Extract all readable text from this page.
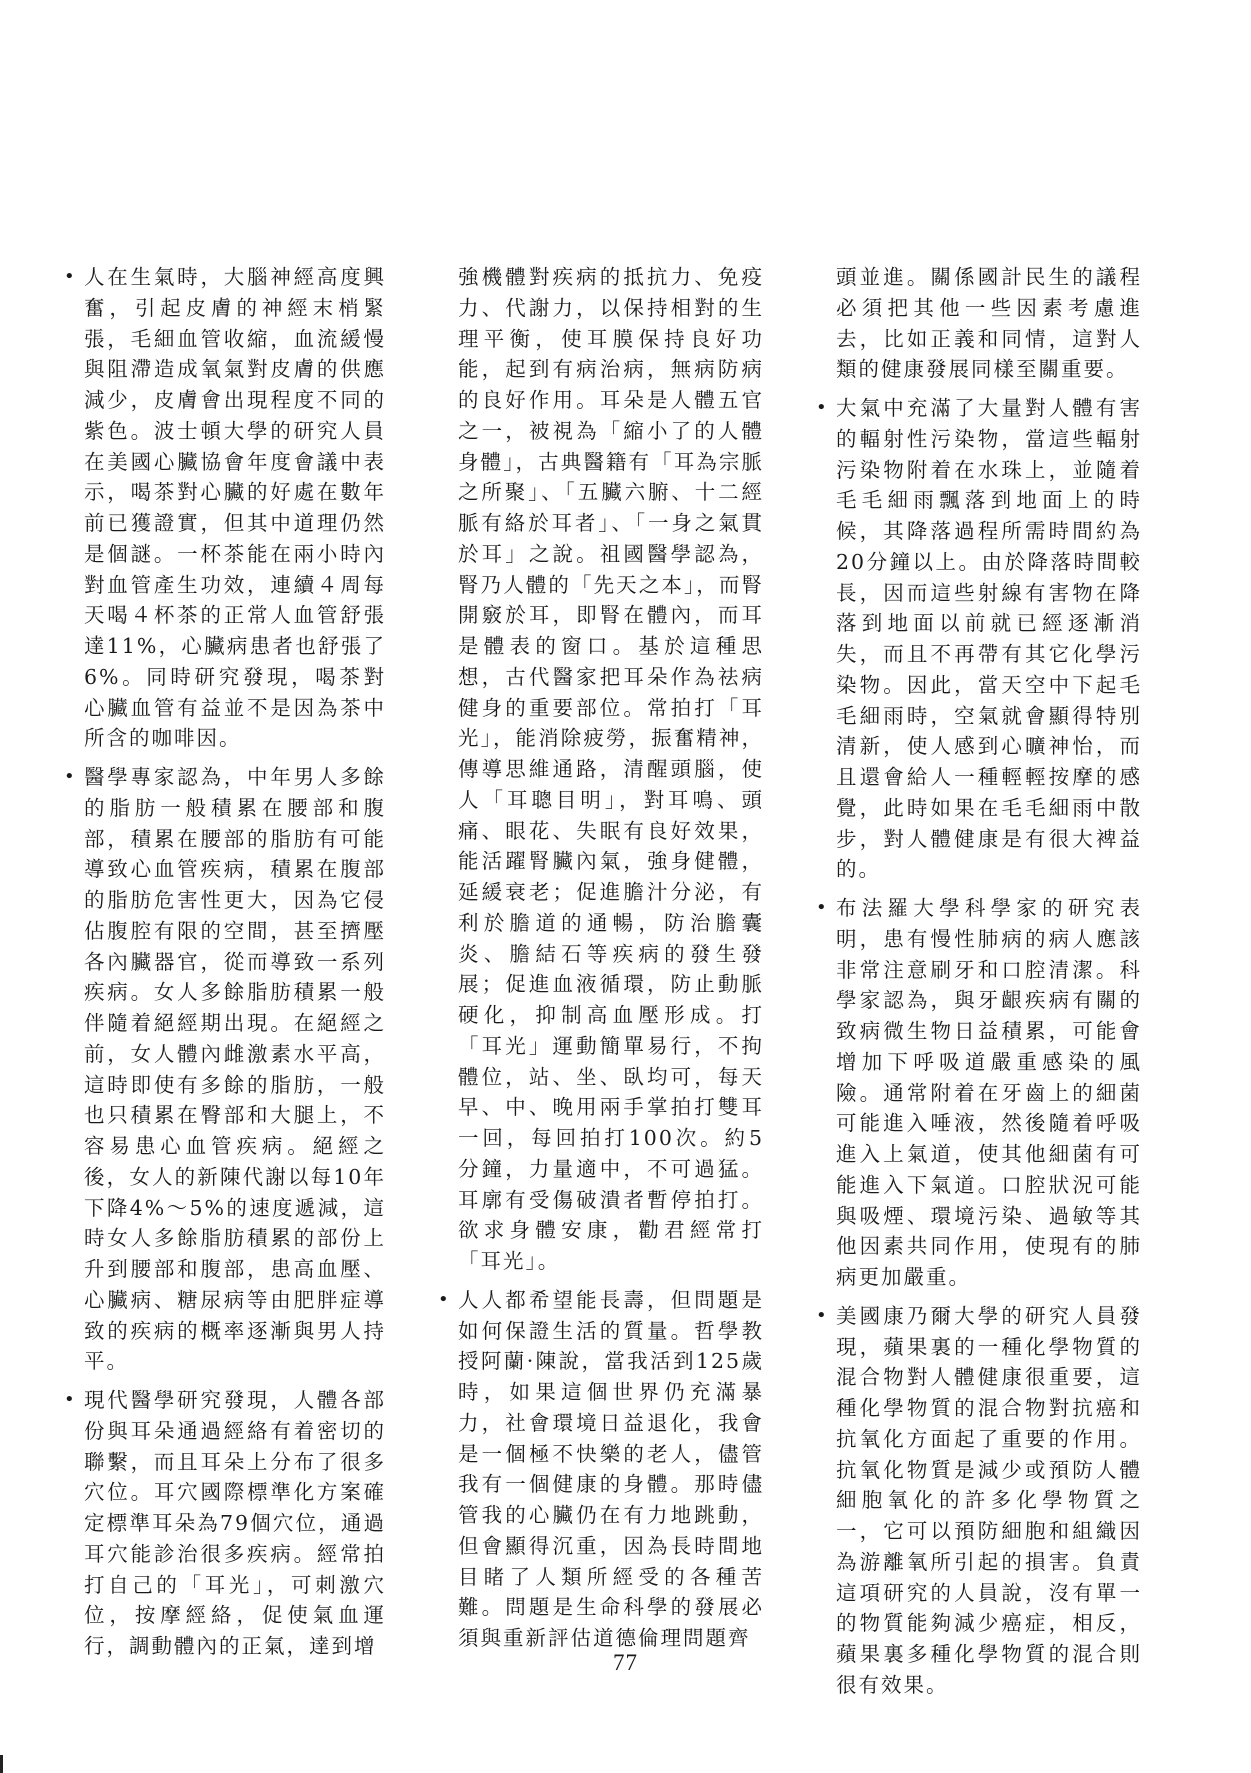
• 人在生氣時，大腦神經高度興奮，引起皮膚的神經末梢緊張，毛細血管收縮，血流緩慢與阻滯造成氧氣對皮膚的供應減少，皮膚會出現程度不同的紫色。波士頓大學的研究人員在美國心臟協會年度會議中表示，喝茶對心臟的好處在數年前已獲證實，但其中道理仍然是個謎。一杯茶能在兩小時內對血管產生功效，連續４周每天喝４杯茶的正常人血管舒張達11%，心臟病患者也舒張了6%。同時研究發現，喝茶對心臟血管有益並不是因為茶中所含的咖啡因。
• 醫學專家認為，中年男人多餘的脂肪一般積累在腰部和腹部，積累在腰部的脂肪有可能導致心血管疾病，積累在腹部的脂肪危害性更大，因為它侵佔腹腔有限的空間，甚至擠壓各內臟器官，從而導致一系列疾病。女人多餘脂肪積累一般伴隨着絕經期出現。在絕經之前，女人體內雌激素水平高，這時即使有多餘的脂肪，一般也只積累在臀部和大腿上，不容易患心血管疾病。絕經之後，女人的新陳代謝以每10年下降4%～5%的速度遞減，這時女人多餘脂肪積累的部份上升到腰部和腹部，患高血壓、心臟病、糖尿病等由肥胖症導致的疾病的概率逐漸與男人持平。
• 現代醫學研究發現，人體各部份與耳朵通過經絡有着密切的聯繫，而且耳朵上分布了很多穴位。耳穴國際標準化方案確定標準耳朵為79個穴位，通過耳穴能診治很多疾病。經常拍打自己的「耳光」，可刺激穴位，按摩經絡，促使氣血運行，調動體內的正氣，達到增
強機體對疾病的抵抗力、免疫力、代謝力，以保持相對的生理平衡，使耳膜保持良好功能，起到有病治病，無病防病的良好作用。耳朵是人體五官之一，被視為「縮小了的人體身體」，古典醫籍有「耳為宗脈之所聚」、「五臟六腑、十二經脈有絡於耳者」、「一身之氣貫於耳」之說。祖國醫學認為，腎乃人體的「先天之本」，而腎開竅於耳，即腎在體內，而耳是體表的窗口。基於這種思想，古代醫家把耳朵作為祛病健身的重要部位。常拍打「耳光」，能消除疲勞，振奮精神，傳導思維通路，清醒頭腦，使人「耳聰目明」，對耳鳴、頭痛、眼花、失眠有良好效果，能活躍腎臟內氣，強身健體，延緩衰老；促進膽汁分泌，有利於膽道的通暢，防治膽囊炎、膽結石等疾病的發生發展；促進血液循環，防止動脈硬化，抑制高血壓形成。打「耳光」運動簡單易行，不拘體位，站、坐、臥均可，每天早、中、晚用兩手掌拍打雙耳一回，每回拍打100次。約5分鐘，力量適中，不可過猛。耳廓有受傷破潰者暫停拍打。欲求身體安康，勸君經常打「耳光」。
• 人人都希望能長壽，但問題是如何保證生活的質量。哲學教授阿蘭·陳說，當我活到125歲時，如果這個世界仍充滿暴力，社會環境日益退化，我會是一個極不快樂的老人，儘管我有一個健康的身體。那時儘管我的心臟仍在有力地跳動，但會顯得沉重，因為長時間地目睹了人類所經受的各種苦難。問題是生命科學的發展必須與重新評估道德倫理問題齊
頭並進。關係國計民生的議程必須把其他一些因素考慮進去，比如正義和同情，這對人類的健康發展同樣至關重要。
• 大氣中充滿了大量對人體有害的輻射性污染物，當這些輻射污染物附着在水珠上，並隨着毛毛細雨飄落到地面上的時候，其降落過程所需時間約為20分鐘以上。由於降落時間較長，因而這些射線有害物在降落到地面以前就已經逐漸消失，而且不再帶有其它化學污染物。因此，當天空中下起毛毛細雨時，空氣就會顯得特別清新，使人感到心曠神怡，而且還會給人一種輕輕按摩的感覺，此時如果在毛毛細雨中散步，對人體健康是有很大裨益的。
• 布法羅大學科學家的研究表明，患有慢性肺病的病人應該非常注意刷牙和口腔清潔。科學家認為，與牙齦疾病有關的致病微生物日益積累，可能會增加下呼吸道嚴重感染的風險。通常附着在牙齒上的細菌可能進入唾液，然後隨着呼吸進入上氣道，使其他細菌有可能進入下氣道。口腔狀況可能與吸煙、環境污染、過敏等其他因素共同作用，使現有的肺病更加嚴重。
• 美國康乃爾大學的研究人員發現，蘋果裏的一種化學物質的混合物對人體健康很重要，這種化學物質的混合物對抗癌和抗氧化方面起了重要的作用。抗氧化物質是減少或預防人體細胞氧化的許多化學物質之一，它可以預防細胞和組織因為游離氧所引起的損害。負責這項研究的人員說，沒有單一的物質能夠減少癌症，相反，蘋果裏多種化學物質的混合則很有效果。
77
